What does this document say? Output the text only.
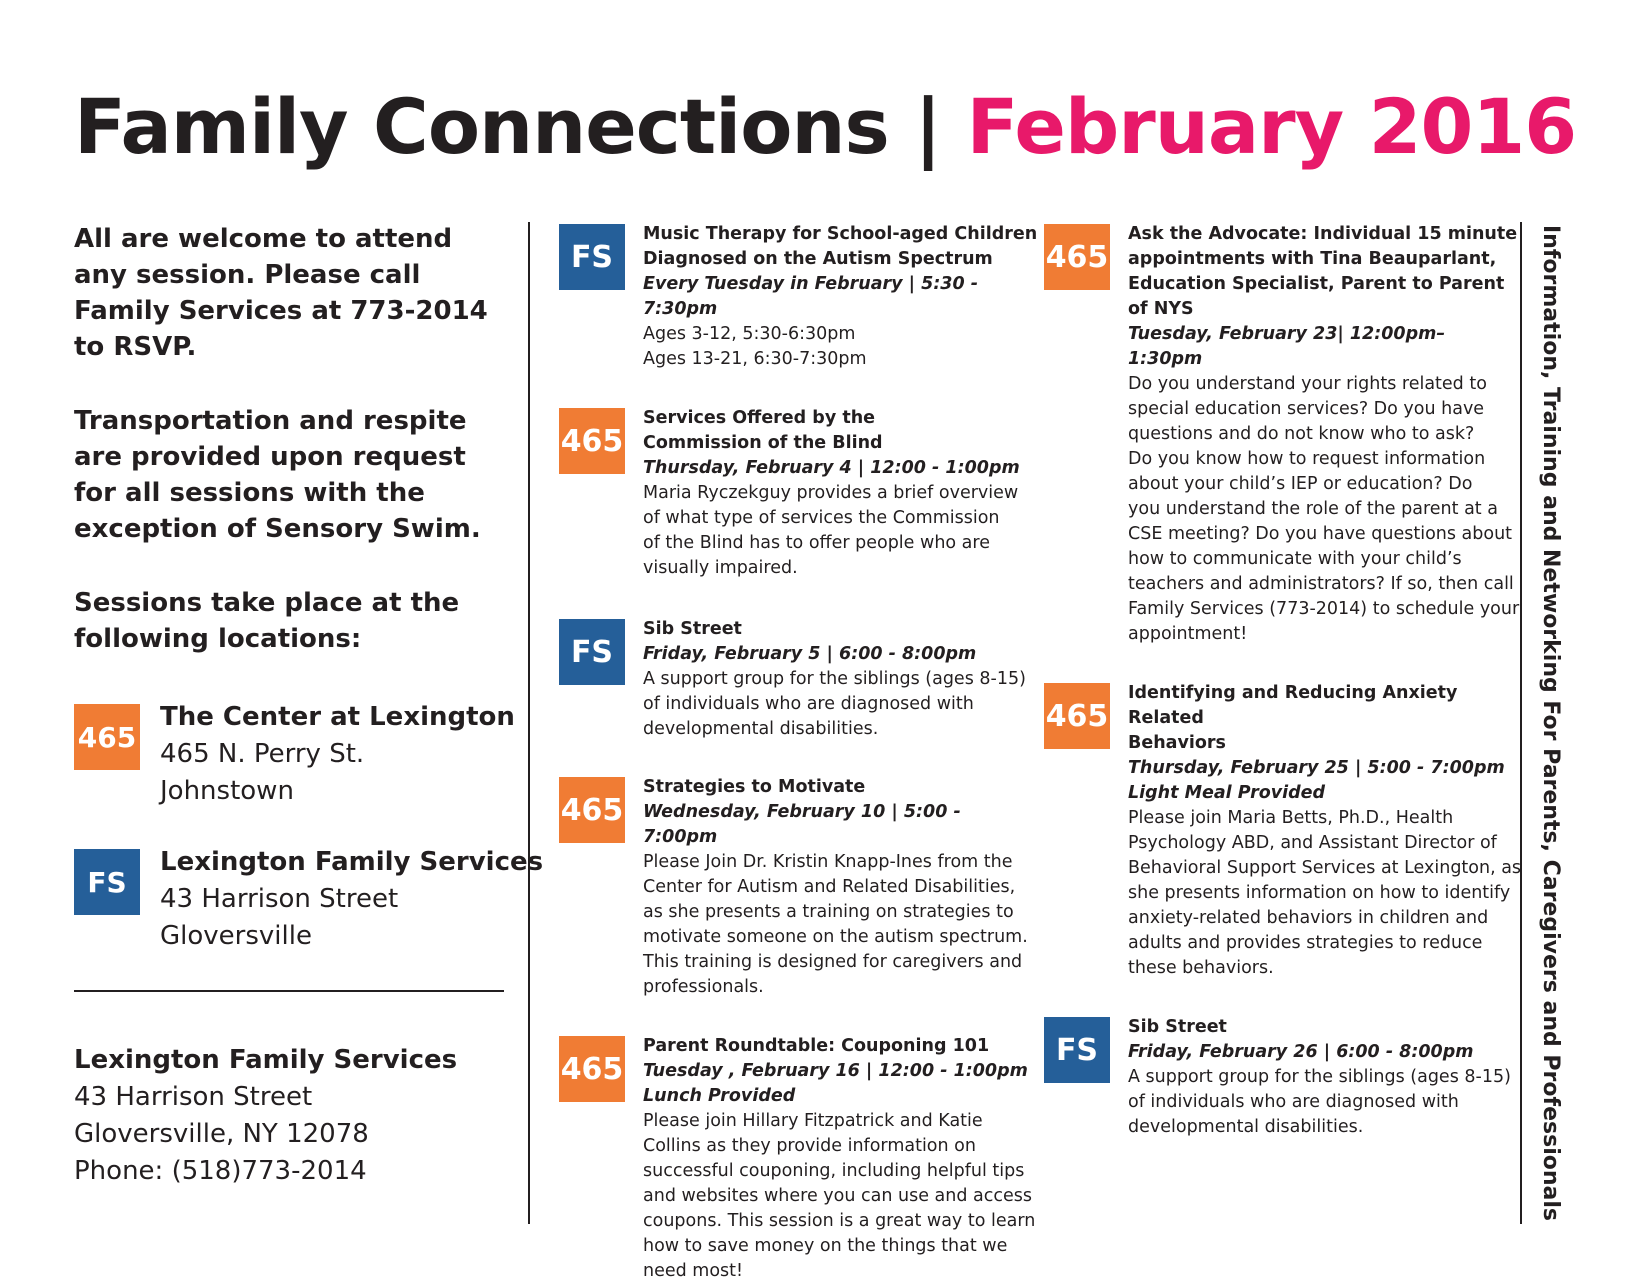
Family Connections | February 2016

All are welcome to attend any session. Please call Family Services at 773-2014 to RSVP.

Transportation and respite are provided upon request for all sessions with the exception of Sensory Swim.

Sessions take place at the following locations:

465
The Center at Lexington
465 N. Perry St.
Johnstown
FS
Lexington Family Services
43 Harrison Street
Gloversville
Lexington Family Services
43 Harrison Street
Gloversville, NY 12078
Phone: (518)773-2014
FS
Music Therapy for School-aged Children
Diagnosed on the Autism Spectrum
Every Tuesday in February | 5:30 - 7:30pm
Ages 3-12, 5:30-6:30pm
Ages 13-21, 6:30-7:30pm
465
Services Offered by the
Commission of the Blind
Thursday, February 4 | 12:00 - 1:00pm
Maria Ryczekguy provides a brief overview
of what type of services the Commission
of the Blind has to offer people who are
visually impaired.
FS
Sib Street
Friday, February 5 | 6:00 - 8:00pm
A support group for the siblings (ages 8-15)
of individuals who are diagnosed with
developmental disabilities.
465
Strategies to Motivate
Wednesday, February 10 | 5:00 - 7:00pm
Please Join Dr. Kristin Knapp-Ines from the
Center for Autism and Related Disabilities,
as she presents a training on strategies to
motivate someone on the autism spectrum.
This training is designed for caregivers and
professionals.
465
Parent Roundtable: Couponing 101
Tuesday , February 16 | 12:00 - 1:00pm
Lunch Provided
Please join Hillary Fitzpatrick and Katie
Collins as they provide information on
successful couponing, including helpful tips
and websites where you can use and access
coupons. This session is a great way to learn
how to save money on the things that we
need most!
465
Ask the Advocate: Individual 15 minute
appointments with Tina Beauparlant,
Education Specialist, Parent to Parent of NYS
Tuesday, February 23| 12:00pm– 1:30pm
Do you understand your rights related to
special education services? Do you have
questions and do not know who to ask?
Do you know how to request information
about your child’s IEP or education? Do
you understand the role of the parent at a
CSE meeting? Do you have questions about
how to communicate with your child’s
teachers and administrators? If so, then call
Family Services (773-2014) to schedule your
appointment!
465
Identifying and Reducing Anxiety Related
Behaviors
Thursday, February 25 | 5:00 - 7:00pm
Light Meal Provided
Please join Maria Betts, Ph.D., Health
Psychology ABD, and Assistant Director of
Behavioral Support Services at Lexington, as
she presents information on how to identify
anxiety-related behaviors in children and
adults and provides strategies to reduce
these behaviors.
FS
Sib Street
Friday, February 26 | 6:00 - 8:00pm
A support group for the siblings (ages 8-15)
of individuals who are diagnosed with
developmental disabilities.	Information, Training and Networking For Parents, Caregivers and Professionals
